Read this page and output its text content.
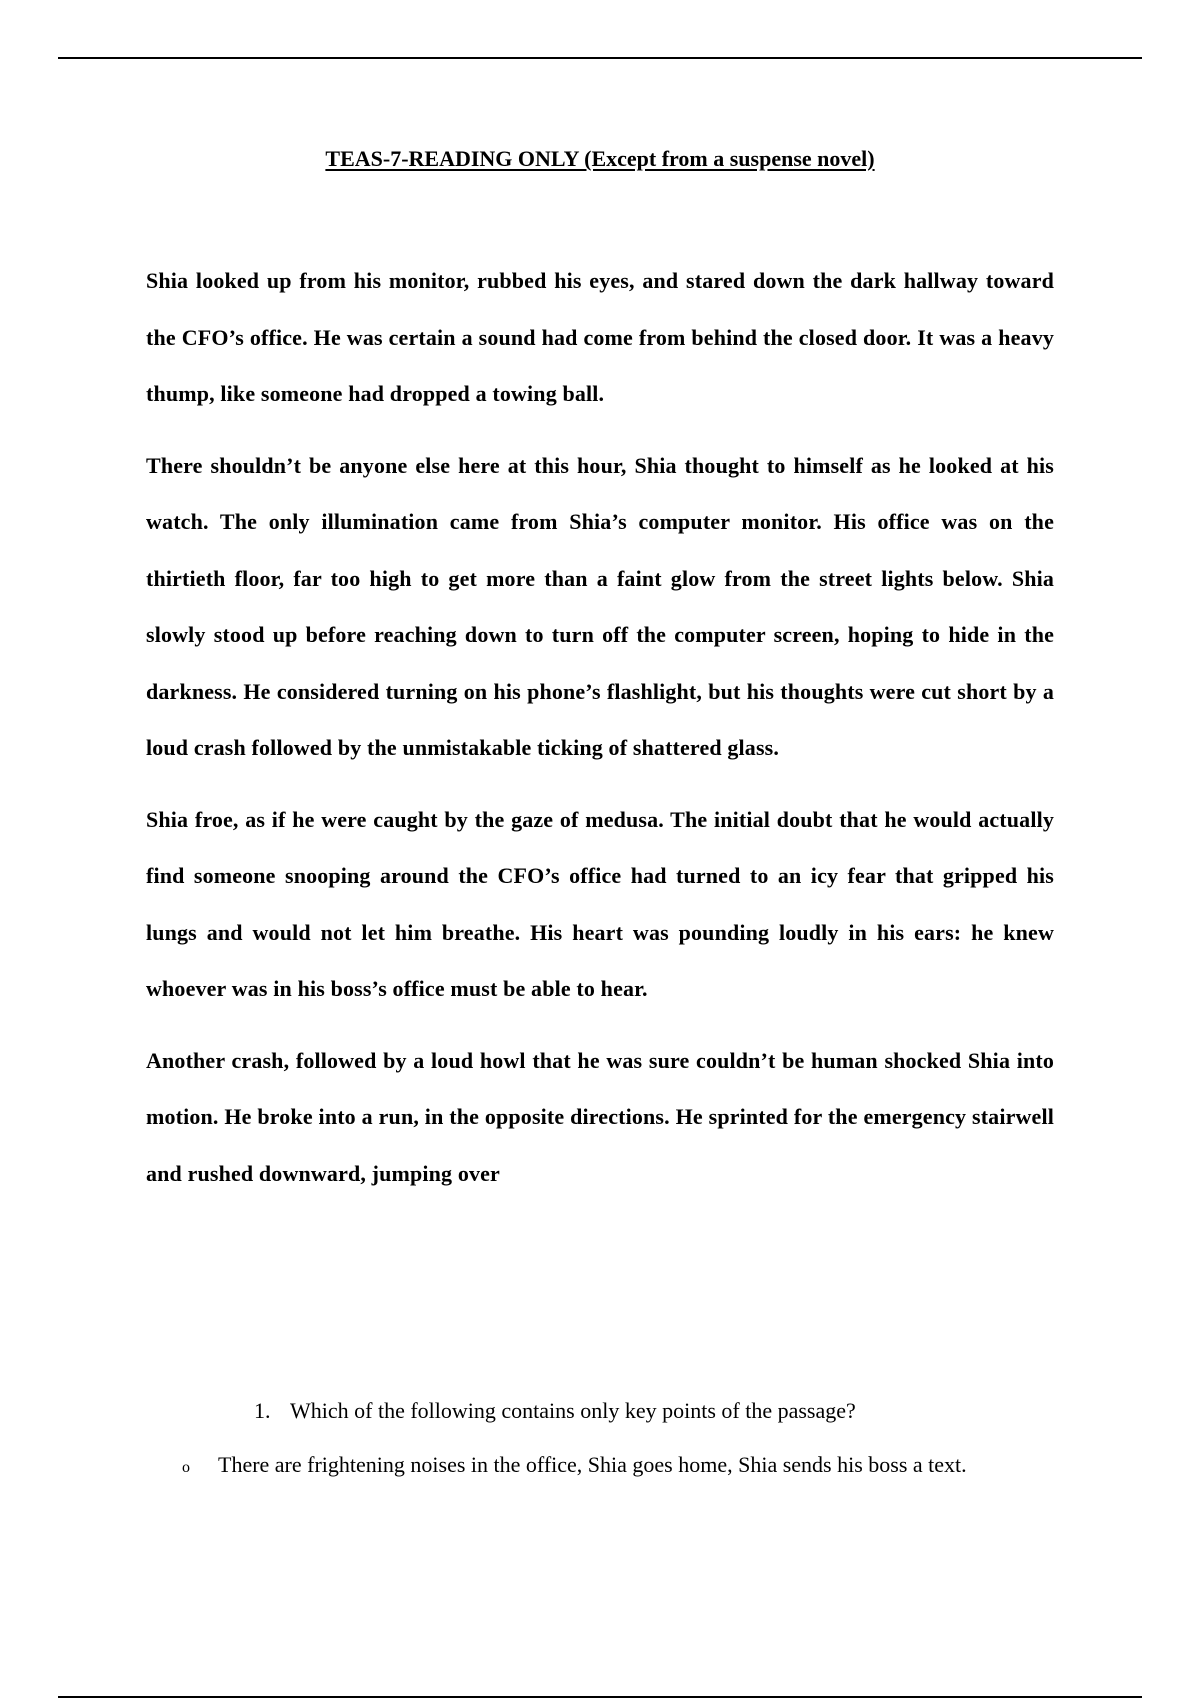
TEAS-7-READING ONLY (Except from a suspense novel)

Shia looked up from his monitor, rubbed his eyes, and stared down the dark hallway toward the CFO’s office. He was certain a sound had come from behind the closed door. It was a heavy thump, like someone had dropped a towing ball.

There shouldn’t be anyone else here at this hour, Shia thought to himself as he looked at his watch. The only illumination came from Shia’s computer monitor. His office was on the thirtieth floor, far too high to get more than a faint glow from the street lights below. Shia slowly stood up before reaching down to turn off the computer screen, hoping to hide in the darkness. He considered turning on his phone’s flashlight, but his thoughts were cut short by a loud crash followed by the unmistakable ticking of shattered glass.

Shia froe, as if he were caught by the gaze of medusa. The initial doubt that he would actually find someone snooping around the CFO’s office had turned to an icy fear that gripped his lungs and would not let him breathe. His heart was pounding loudly in his ears: he knew whoever was in his boss’s office must be able to hear.

Another crash, followed by a loud howl that he was sure couldn’t be human shocked Shia into motion. He broke into a run, in the opposite directions. He sprinted for the emergency stairwell and rushed downward, jumping over

1. Which of the following contains only key points of the passage?

o	There are frightening noises in the office, Shia goes home, Shia sends his boss a text.
